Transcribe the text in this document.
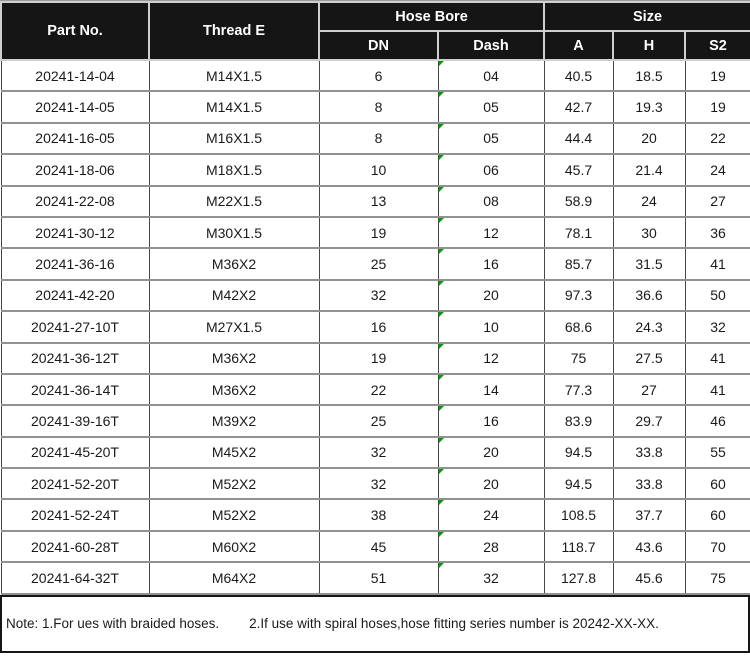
Part No.	Thread E	Hose Bore		Size		
		DN	Dash	A	H	S2
20241-14-04	M14X1.5	6	04	40.5	18.5	19
20241-14-05	M14X1.5	8	05	42.7	19.3	19
20241-16-05	M16X1.5	8	05	44.4	20	22
20241-18-06	M18X1.5	10	06	45.7	21.4	24
20241-22-08	M22X1.5	13	08	58.9	24	27
20241-30-12	M30X1.5	19	12	78.1	30	36
20241-36-16	M36X2	25	16	85.7	31.5	41
20241-42-20	M42X2	32	20	97.3	36.6	50
20241-27-10T	M27X1.5	16	10	68.6	24.3	32
20241-36-12T	M36X2	19	12	75	27.5	41
20241-36-14T	M36X2	22	14	77.3	27	41
20241-39-16T	M39X2	25	16	83.9	29.7	46
20241-45-20T	M45X2	32	20	94.5	33.8	55
20241-52-20T	M52X2	32	20	94.5	33.8	60
20241-52-24T	M52X2	38	24	108.5	37.7	60
20241-60-28T	M60X2	45	28	118.7	43.6	70
20241-64-32T	M64X2	51	32	127.8	45.6	75
Note: 1.For ues with braided hoses. 2.If use with spiral hoses,hose fitting series number is 20242-XX-XX.
